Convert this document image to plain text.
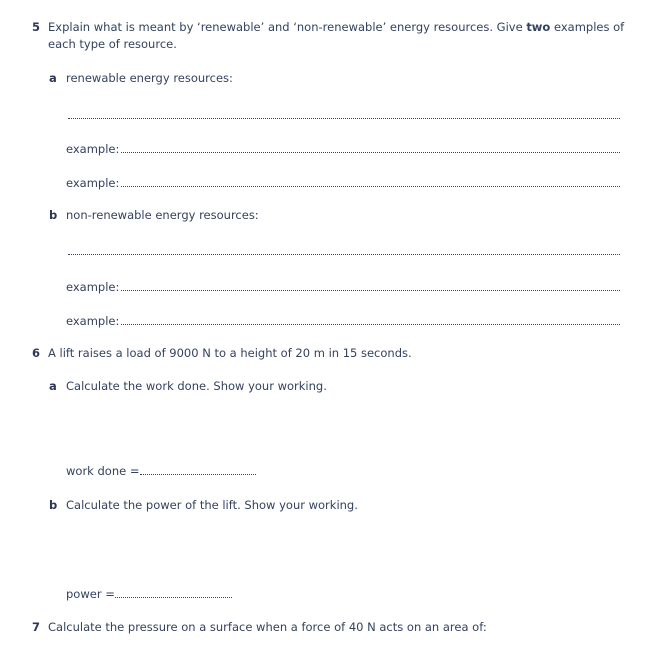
5 Explain what is meant by ‘renewable’ and ‘non-renewable’ energy resources. Give two examples of
each type of resource.
a renewable energy resources:
example:
example:
b non-renewable energy resources:
example:
example:
6 A lift raises a load of 9000 N to a height of 20 m in 15 seconds.
a Calculate the work done. Show your working.
work done =
b Calculate the power of the lift. Show your working.
power =
7 Calculate the pressure on a surface when a force of 40 N acts on an area of:
